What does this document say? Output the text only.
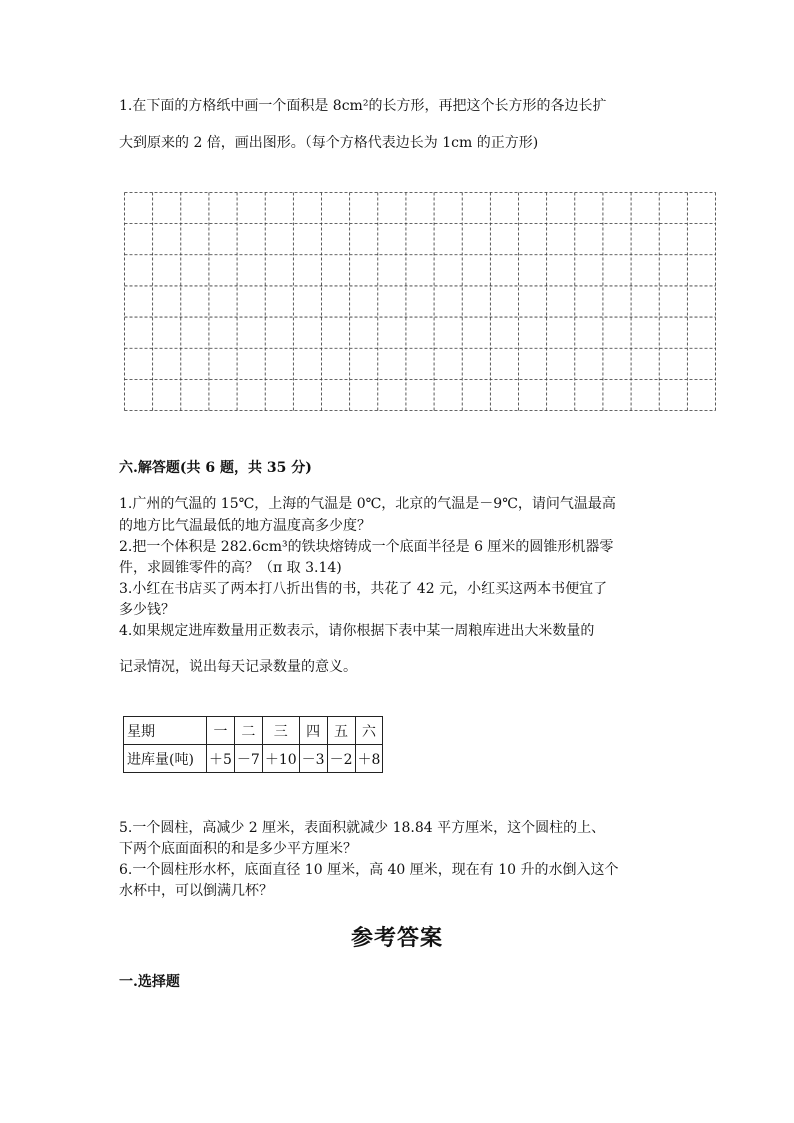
1.在下面的方格纸中画一个面积是 8cm²的长方形，再把这个长方形的各边长扩
大到原来的 2 倍，画出图形。（每个方格代表边长为 1cm 的正方形)
六.解答题(共 6 题，共 35 分)
1.广州的气温的 15℃，上海的气温是 0℃，北京的气温是－9℃，请问气温最高
的地方比气温最低的地方温度高多少度？
2.把一个体积是 282.6cm³的铁块熔铸成一个底面半径是 6 厘米的圆锥形机器零
件，求圆锥零件的高？（π 取 3.14)
3.小红在书店买了两本打八折出售的书，共花了 42 元，小红买这两本书便宜了
多少钱？
4.如果规定进库数量用正数表示，请你根据下表中某一周粮库进出大米数量的
记录情况，说出每天记录数量的意义。
星期	一	二	三	四	五	六
进库量(吨)	＋5	－7	＋10	－3	－2	＋8
5.一个圆柱，高减少 2 厘米，表面积就减少 18.84 平方厘米，这个圆柱的上、
下两个底面面积的和是多少平方厘米？
6.一个圆柱形水杯，底面直径 10 厘米，高 40 厘米，现在有 10 升的水倒入这个
水杯中，可以倒满几杯？
参考答案
一.选择题
